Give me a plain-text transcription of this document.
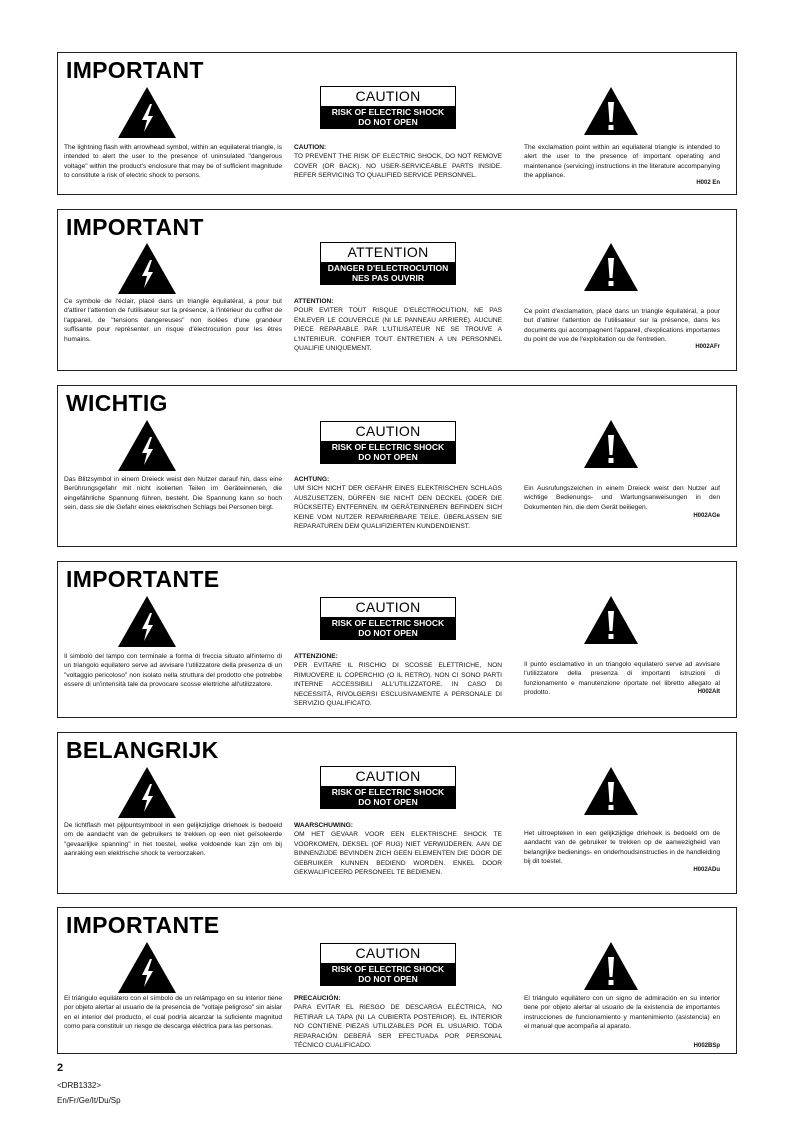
IMPORTANT
The lightning flash with arrowhead symbol, within an equilateral triangle, is intended to alert the user to the presence of uninsulated "dangerous voltage" within the product's enclosure that may be of sufficient magnitude to constitute a risk of electric shock to persons.
CAUTION
RISK OF ELECTRIC SHOCK
DO NOT OPEN
CAUTION:
TO PREVENT THE RISK OF ELECTRIC SHOCK, DO NOT REMOVE COVER (OR BACK). NO USER-SERVICEABLE PARTS INSIDE. REFER SERVICING TO QUALIFIED SERVICE PERSONNEL.
The exclamation point within an equilateral triangle is intended to alert the user to the presence of important operating and maintenance (servicing) instructions in the literature accompanying the appliance.
H002 En
IMPORTANT
Ce symbole de l'éclair, placé dans un triangle équilatéral, a pour but d'attirer l'attention de l'utilisateur sur la présence, à l'intérieur du coffret de l'appareil, de "tensions dangereuses" non isolées d'une grandeur suffisante pour représenter un risque d'électrocution pour les êtres humains.
ATTENTION
DANGER D'ELECTROCUTION
NES PAS OUVRIR
ATTENTION:
POUR EVITER TOUT RISQUE D'ELECTROCUTION, NE PAS ENLEVER LE COUVERCLE (NI LE PANNEAU ARRIERE). AUCUNE PIECE REPARABLE PAR L'UTILISATEUR NE SE TROUVE A L'INTERIEUR. CONFIER TOUT ENTRETIEN A UN PERSONNEL QUALIFIE UNIQUEMENT.
Ce point d'exclamation, placé dans un triangle équilatéral, a pour but d'attirer l'attention de l'utilisateur sur la présence, dans les documents qui accompagnent l'appareil, d'explications importantes du point de vue de l'exploitation ou de l'entretien.
H002AFr
WICHTIG
Das Blitzsymbol in einem Dreieck weist den Nutzer darauf hin, dass eine Berührungsgefahr mit nicht isolierten Teilen im Geräteinneren, die eingefährliche Spannung führen, besteht. Die Spannung kann so hoch sein, dass sie die Gefahr eines elektrischen Schlags bei Personen birgt.
CAUTION
RISK OF ELECTRIC SHOCK
DO NOT OPEN
ACHTUNG:
UM SICH NICHT DER GEFAHR EINES ELEKTRISCHEN SCHLAGS AUSZUSETZEN, DÜRFEN SIE NICHT DEN DECKEL (ODER DIE RÜCKSEITE) ENTFERNEN. IM GERÄTEINNEREN BEFINDEN SICH KEINE VOM NUTZER REPARIERBARE TEILE. ÜBERLASSEN SIE REPARATUREN DEM QUALIFIZIERTEN KUNDENDIENST.
Ein Ausrufungszeichen in einem Dreieck weist den Nutzer auf wichtige Bedienungs- und Wartungsanweisungen in den Dokumenten hin, die dem Gerät beiliegen.
H002AGe
IMPORTANTE
Il simbolo del lampo con terminale a forma di freccia situato all'interno di un triangolo equilatero serve ad avvisare l'utilizzatore della presenza di un "voltaggio pericoloso" non isolato nella struttura del prodotto che potrebbe essere di un'intensità tale da provocare scosse elettriche all'utilizzatore.
CAUTION
RISK OF ELECTRIC SHOCK
DO NOT OPEN
ATTENZIONE:
PER EVITARE IL RISCHIO DI SCOSSE ELETTRICHE, NON RIMUOVERE IL COPERCHIO (O IL RETRO). NON CI SONO PARTI INTERNE ACCESSIBILI ALL'UTILIZZATORE. IN CASO DI NECESSITÀ, RIVOLGERSI ESCLUSIVAMENTE A PERSONALE DI SERVIZIO QUALIFICATO.
Il punto esclamativo in un triangolo equilatero serve ad avvisare l'utilizzatore della presenza di importanti istruzioni di funzionamento e manutenzione riportate nel libretto allegato al prodotto.	H002AIt
BELANGRIJK
De lichtflash met pijlpuntsymbool in een gelijkzijdige driehoek is bedoeld om de aandacht van de gebruikers te trekken op een niet geïsoleerde "gevaarlijke spanning" in het toestel, welke voldoende kan zijn om bij aanraking een elektrische shock te veroorzaken.
CAUTION
RISK OF ELECTRIC SHOCK
DO NOT OPEN
WAARSCHUWING:
OM HET GEVAAR VOOR EEN ELEKTRISCHE SHOCK TE VOORKOMEN, DEKSEL (OF RUG) NIET VERWIJDEREN. AAN DE BINNENZIJDE BEVINDEN ZICH GEEN ELEMENTEN DIE DOOR DE GEBRUIKER KUNNEN BEDIEND WORDEN. ENKEL DOOR GEKWALIFICEERD PERSONEEL TE BEDIENEN.
Het uitroepteken in een gelijkzijdige driehoek is bedoeld om de aandacht van de gebruiker te trekken op de aanwezigheid van belangrijke bedienings- en onderhoudsinstructies in de handleiding bij dit toestel.
H002ADu
IMPORTANTE
El triángulo equilátero con el símbolo de un relámpago en su interior tiene por objeto alertar al usuario de la presencia de "voltaje peligroso" sin aislar en el interior del producto, el cual podría alcanzar la suficiente magnitud como para constituir un riesgo de descarga eléctrica para las personas.
CAUTION
RISK OF ELECTRIC SHOCK
DO NOT OPEN
PRECAUCIÓN:
PARA EVITAR EL RIESGO DE DESCARGA ELÉCTRICA, NO RETIRAR LA TAPA (NI LA CUBIERTA POSTERIOR). EL INTERIOR NO CONTIENE PIEZAS UTILIZABLES POR EL USUARIO. TODA REPARACIÓN DEBERÁ SER EFECTUADA POR PERSONAL TÉCNICO CUALIFICADO.
El triángulo equilátero con un signo de admiración en su interior tiene por objeto alertar al usuario de la existencia de importantes instrucciones de funcionamiento y mantenimiento (asistencia) en el manual que acompaña al aparato.
H002BSp
2
<DRB1332>
En/Fr/Ge/It/Du/Sp
